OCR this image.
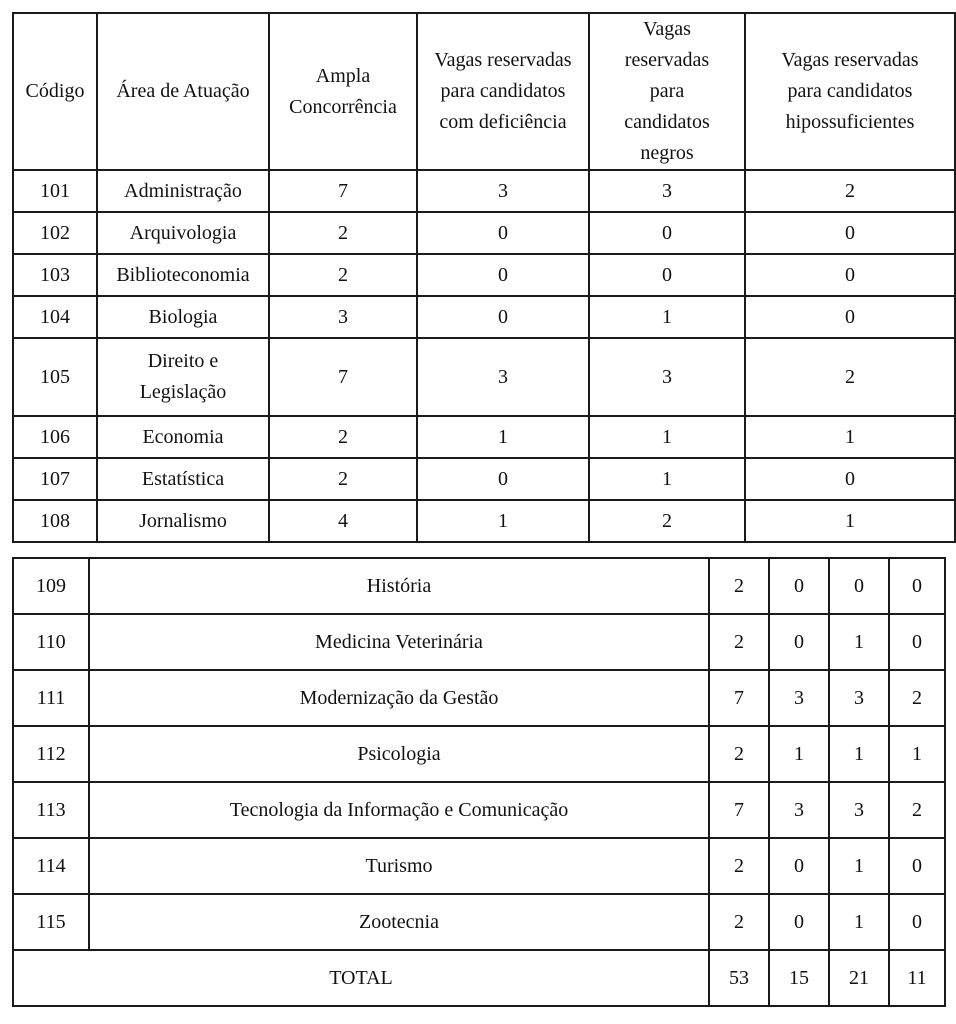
Código	Área de Atuação	Ampla Concorrência	Vagas reservadas para candidatos com deficiência	Vagas reservadas para candidatos negros	Vagas reservadas para candidatos hipossuficientes
101	Administração	7	3	3	2
102	Arquivologia	2	0	0	0
103	Biblioteconomia	2	0	0	0
104	Biologia	3	0	1	0
105	Direito e Legislação	7	3	3	2
106	Economia	2	1	1	1
107	Estatística	2	0	1	0
108	Jornalismo	4	1	2	1
109	História	2	0	0	0
110	Medicina Veterinária	2	0	1	0
111	Modernização da Gestão	7	3	3	2
112	Psicologia	2	1	1	1
113	Tecnologia da Informação e Comunicação	7	3	3	2
114	Turismo	2	0	1	0
115	Zootecnia	2	0	1	0
TOTAL		53	15	21	11
